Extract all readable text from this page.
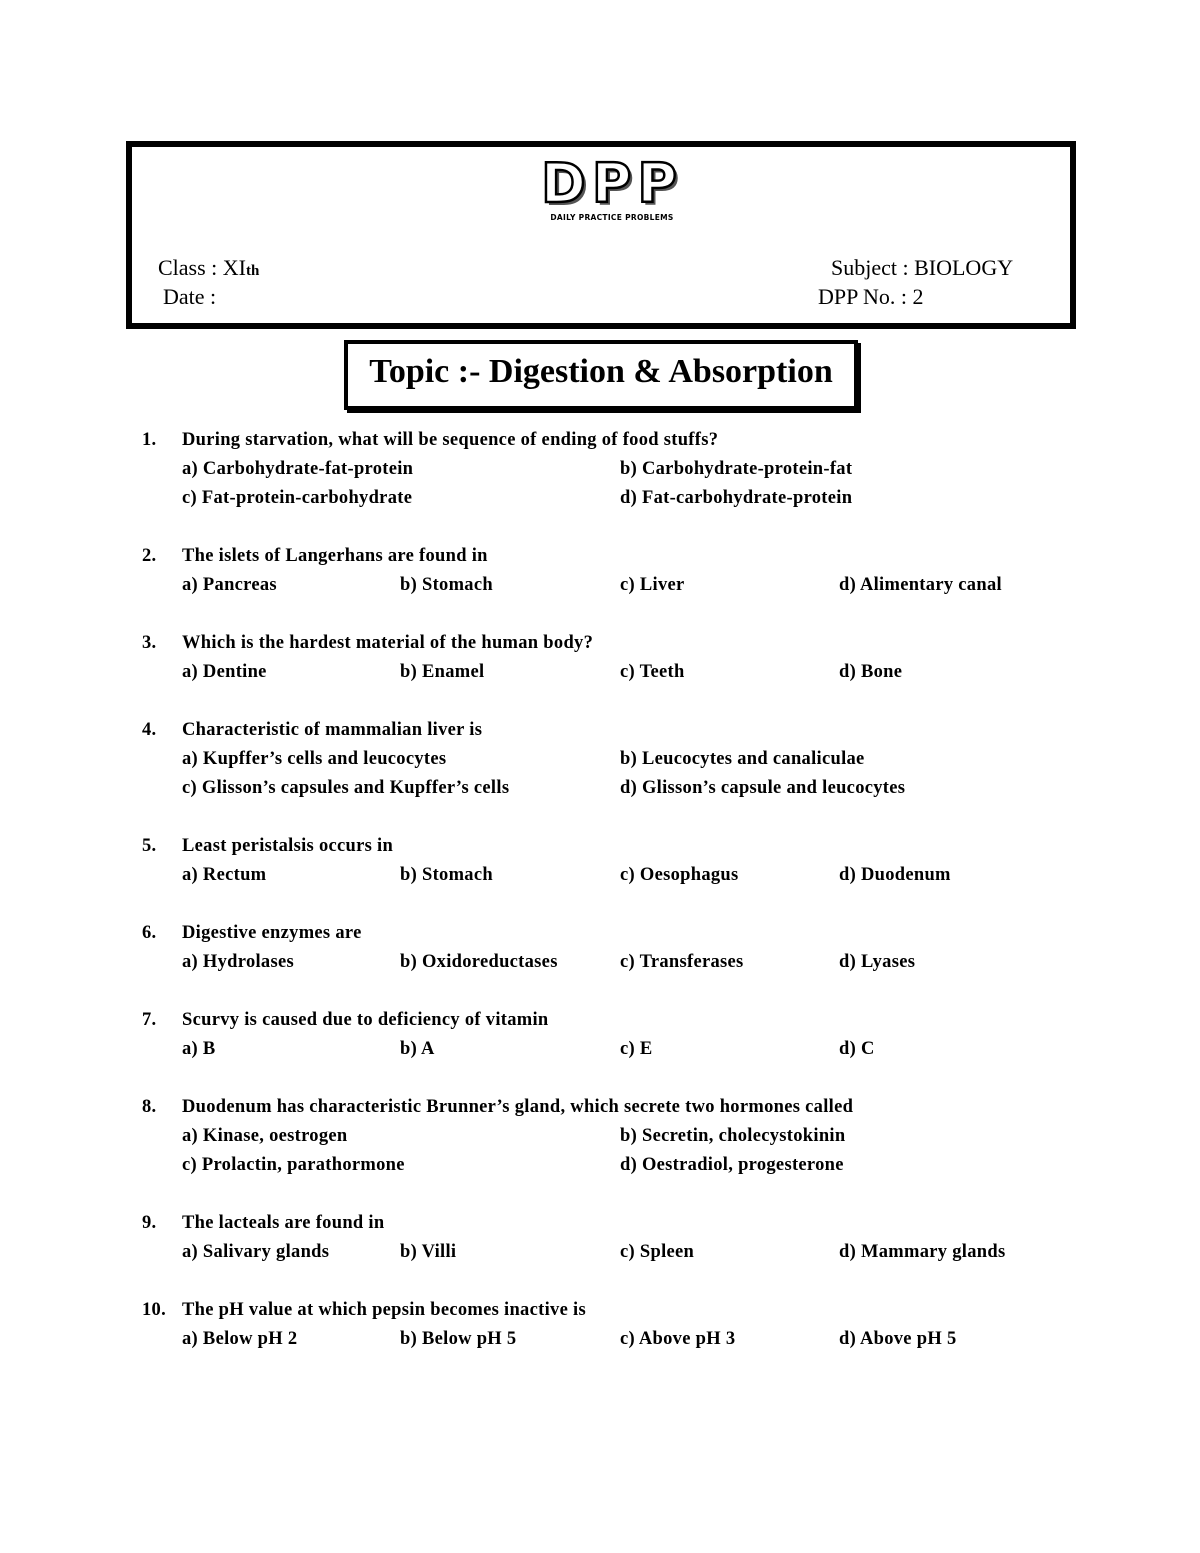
DPP
DAILY PRACTICE PROBLEMS
Class : XIth	Subject : BIOLOGY
Date :	DPP No. : 2
Topic :- Digestion & Absorption
1. During starvation, what will be sequence of ending of food stuffs?
a) Carbohydrate-fat-protein	b) Carbohydrate-protein-fat
c) Fat-protein-carbohydrate	d) Fat-carbohydrate-protein
2. The islets of Langerhans are found in
a) Pancreas	b) Stomach	c) Liver	d) Alimentary canal
3. Which is the hardest material of the human body?
a) Dentine	b) Enamel	c) Teeth	d) Bone
4. Characteristic of mammalian liver is
a) Kupffer’s cells and leucocytes	b) Leucocytes and canaliculae
c) Glisson’s capsules and Kupffer’s cells	d) Glisson’s capsule and leucocytes
5. Least peristalsis occurs in
a) Rectum	b) Stomach	c) Oesophagus	d) Duodenum
6. Digestive enzymes are
a) Hydrolases	b) Oxidoreductases	c) Transferases	d) Lyases
7. Scurvy is caused due to deficiency of vitamin
a) B	b) A	c) E	d) C
8. Duodenum has characteristic Brunner’s gland, which secrete two hormones called
a) Kinase, oestrogen	b) Secretin, cholecystokinin
c) Prolactin, parathormone	d) Oestradiol, progesterone
9. The lacteals are found in
a) Salivary glands	b) Villi	c) Spleen	d) Mammary glands
10. The pH value at which pepsin becomes inactive is
a) Below pH 2	b) Below pH 5	c) Above pH 3	d) Above pH 5
